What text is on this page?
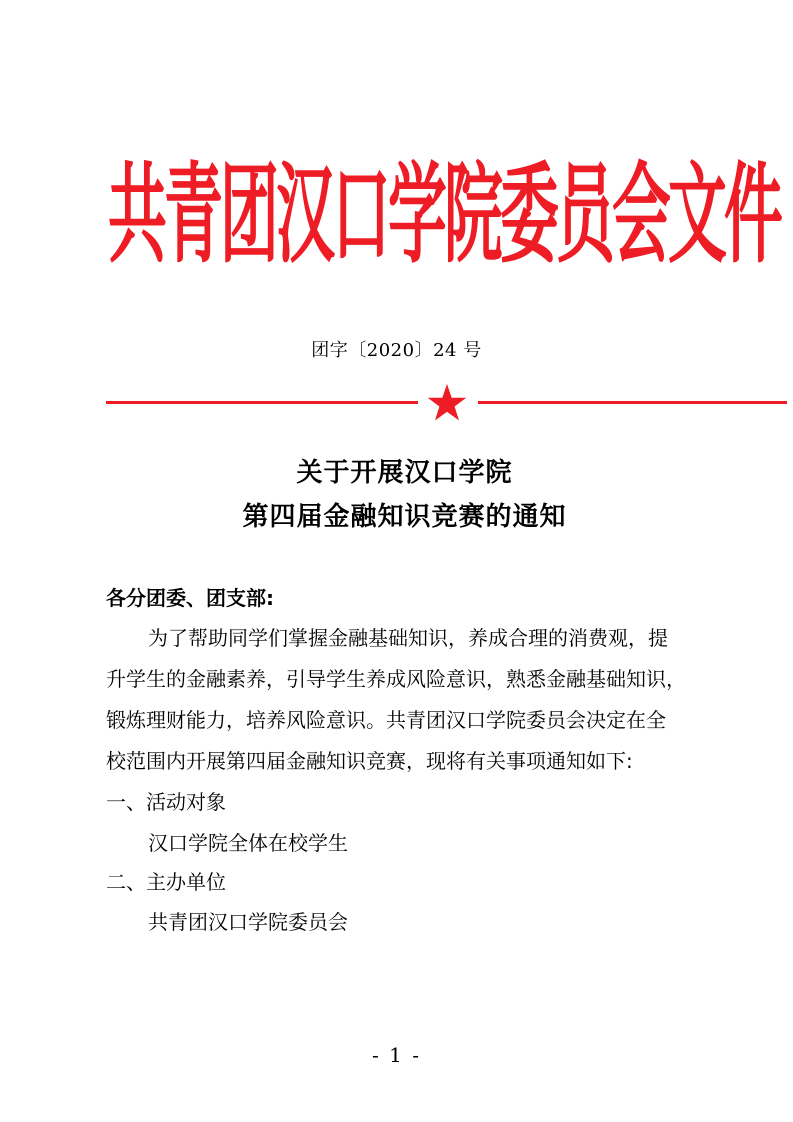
共青团汉口学院委员会文件
团字〔2020〕24 号
关于开展汉口学院
第四届金融知识竞赛的通知
各分团委、团支部:
为了帮助同学们掌握金融基础知识，养成合理的消费观，提
升学生的金融素养，引导学生养成风险意识，熟悉金融基础知识，
锻炼理财能力，培养风险意识。共青团汉口学院委员会决定在全
校范围内开展第四届金融知识竞赛，现将有关事项通知如下:
一、活动对象
汉口学院全体在校学生
二、主办单位
共青团汉口学院委员会
- 1 -
